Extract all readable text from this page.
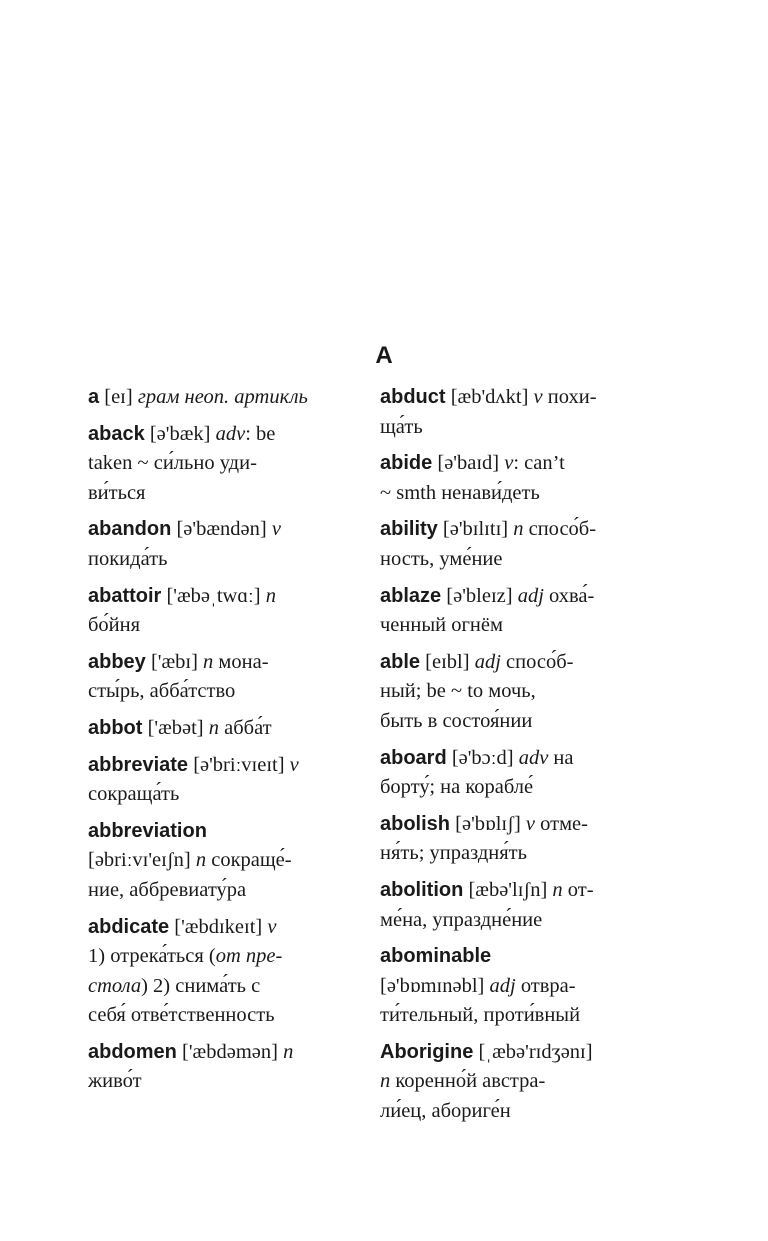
A
a [eɪ] грам неоп. артикль
aback [ə'bæk] adv: be
taken ~ си́льно уди-
ви́ться
abandon [ə'bændən] v
покида́ть
abattoir ['æbəˌtwɑː] n
бо́йня
abbey ['æbɪ] n мона-
сты́рь, абба́тство
abbot ['æbət] n абба́т
abbreviate [ə'briːvɪeɪt] v
сокраща́ть
abbreviation
[əbriːvɪ'eɪʃn] n сокраще́-
ние, аббревиату́ра
abdicate ['æbdɪkeɪt] v
1) отрека́ться (от пре-
стола) 2) снима́ть с
себя́ отве́тственность
abdomen ['æbdəmən] n
живо́т
abduct [æb'dʌkt] v похи-
ща́ть
abide [ə'baɪd] v: can’t
~ smth ненави́деть
ability [ə'bɪlɪtɪ] n спосо́б-
ность, уме́ние
ablaze [ə'bleɪz] adj охва́-
ченный огнём
able [eɪbl] adj спосо́б-
ный; be ~ to мочь,
быть в состоя́нии
aboard [ə'bɔːd] adv на
борту́; на корабле́
abolish [ə'bɒlɪʃ] v отме-
ня́ть; упраздня́ть
abolition [æbə'lɪʃn] n от-
ме́на, упраздне́ние
abominable
[ə'bɒmɪnəbl] adj отвра-
ти́тельный, проти́вный
Aborigine [ˌæbə'rɪdʒənɪ]
n коренно́й австра-
ли́ец, абориге́н
